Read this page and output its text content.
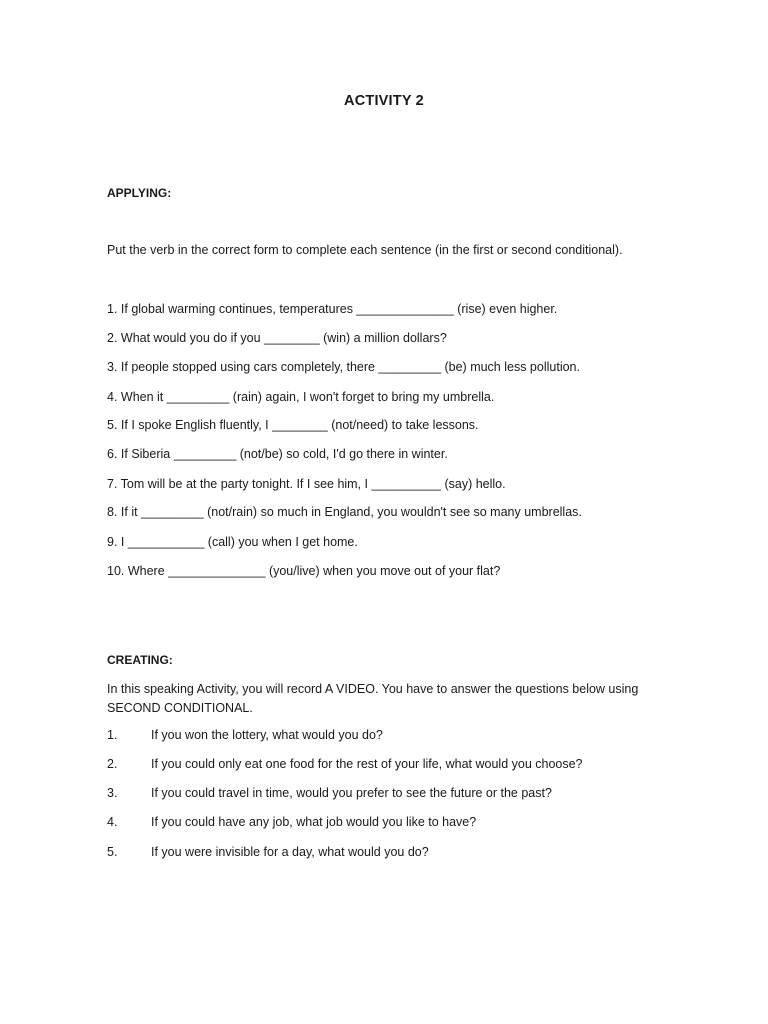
ACTIVITY 2
APPLYING:
Put the verb in the correct form to complete each sentence (in the first or second conditional).
1. If global warming continues, temperatures ______________ (rise) even higher.
2. What would you do if you ________ (win) a million dollars?
3. If people stopped using cars completely, there _________ (be) much less pollution.
4. When it _________ (rain) again, I won't forget to bring my umbrella.
5. If I spoke English fluently, I ________ (not/need) to take lessons.
6. If Siberia _________ (not/be) so cold, I'd go there in winter.
7. Tom will be at the party tonight. If I see him, I __________ (say) hello.
8. If it _________ (not/rain) so much in England, you wouldn't see so many umbrellas.
9. I ___________ (call) you when I get home.
10. Where ______________ (you/live) when you move out of your flat?
CREATING:
In this speaking Activity, you will record A VIDEO. You have to answer the questions below using SECOND CONDITIONAL.
1.	If you won the lottery, what would you do?
2.	If you could only eat one food for the rest of your life, what would you choose?
3.	If you could travel in time, would you prefer to see the future or the past?
4.	If you could have any job, what job would you like to have?
5.	If you were invisible for a day, what would you do?
